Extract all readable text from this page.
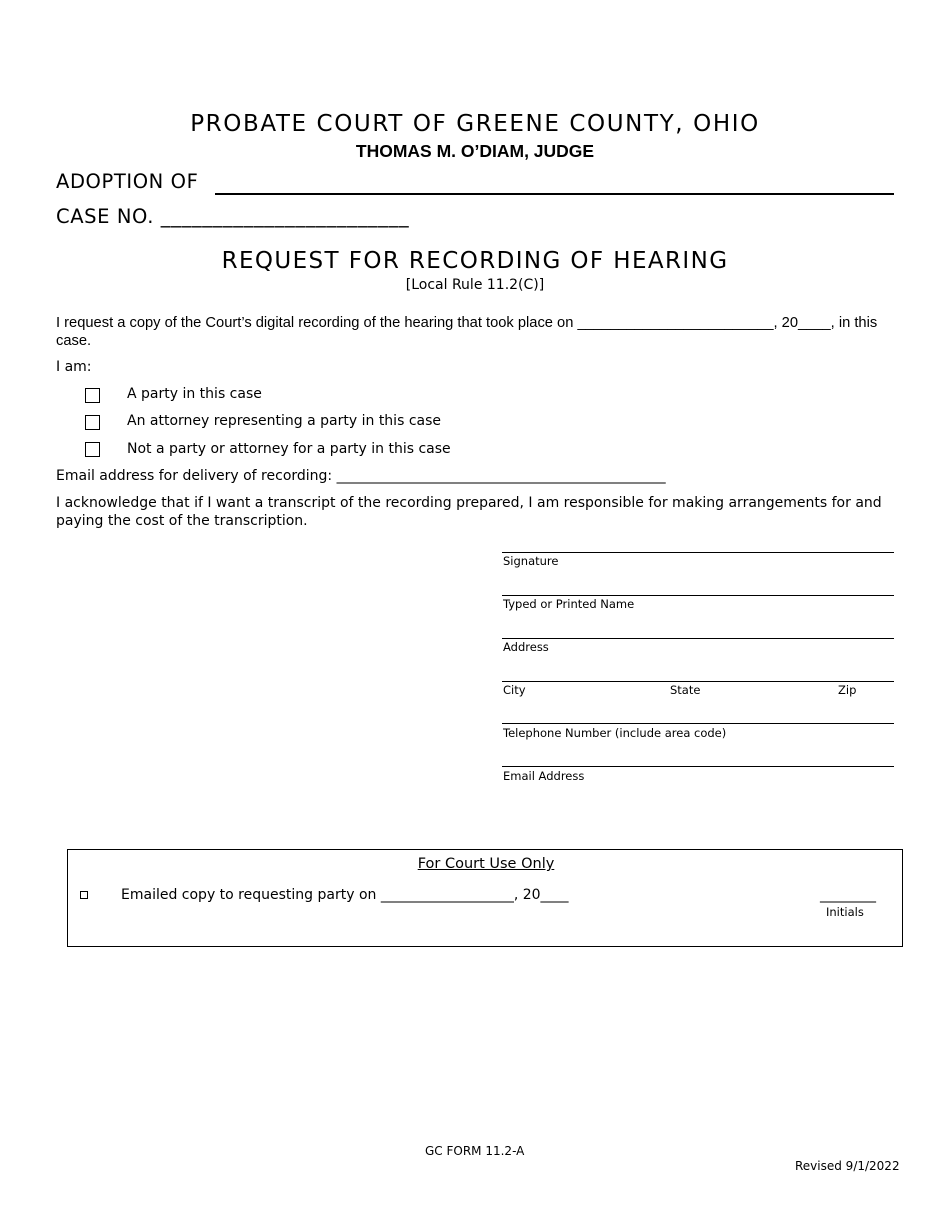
PROBATE COURT OF GREENE COUNTY, OHIO
THOMAS M. O’DIAM, JUDGE
ADOPTION OF
CASE NO. ________________________
REQUEST FOR RECORDING OF HEARING
[Local Rule 11.2(C)]
I request a copy of the Court’s digital recording of the hearing that took place on ________________________, 20____, in this case.
I am:
A party in this case
An attorney representing a party in this case
Not a party or attorney for a party in this case
Email address for delivery of recording: _______________________________________________
I acknowledge that if I want a transcript of the recording prepared, I am responsible for making arrangements for and paying the cost of the transcription.
Signature
Typed or Printed Name
Address
City	State	Zip
Telephone Number (include area code)
Email Address
For Court Use Only
Emailed copy to requesting party on ___________________, 20____	________
Initials
GC FORM 11.2-A
Revised 9/1/2022
